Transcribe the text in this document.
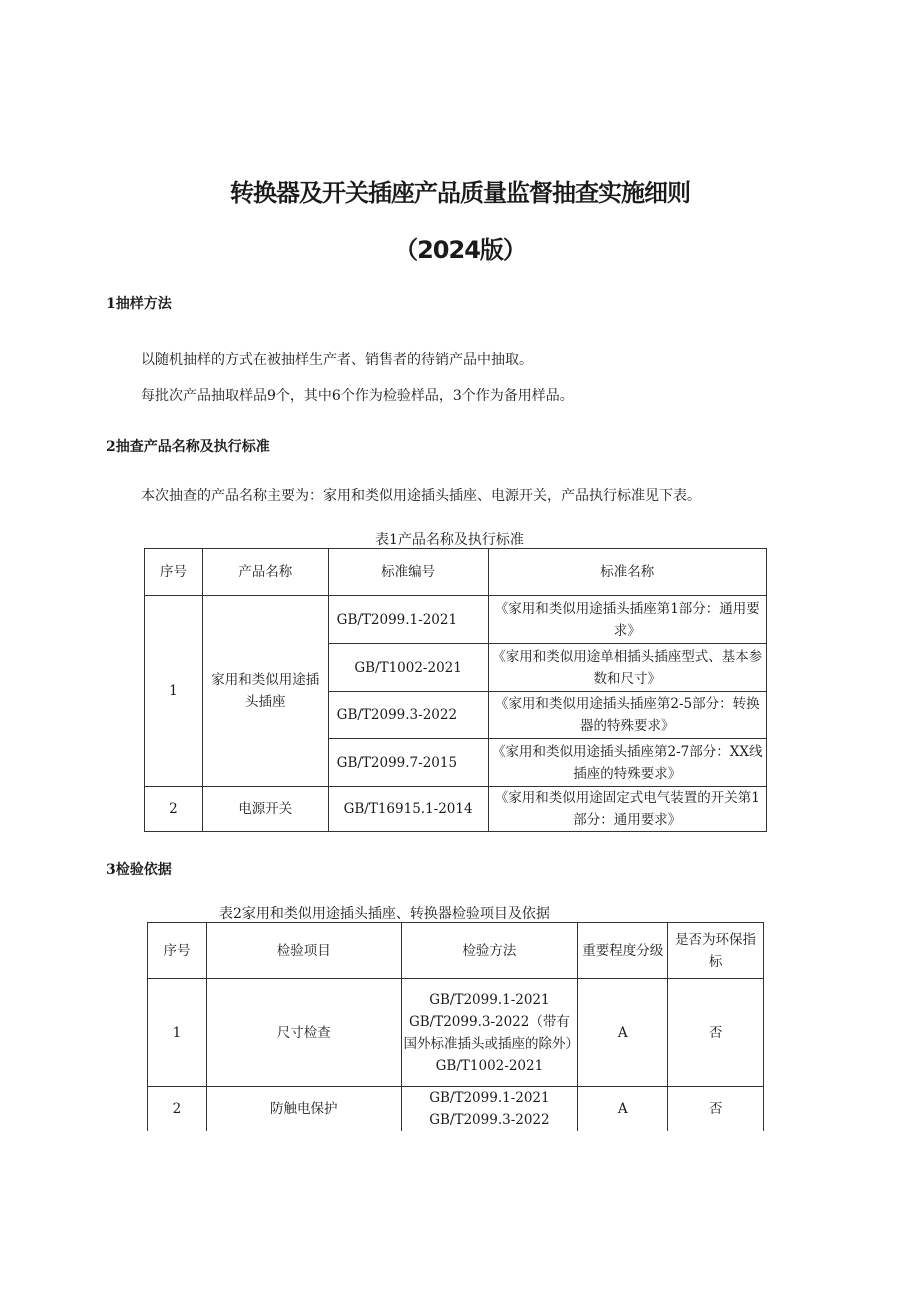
转换器及开关插座产品质量监督抽查实施细则
（2024版）
1抽样方法
以随机抽样的方式在被抽样生产者、销售者的待销产品中抽取。
每批次产品抽取样品9个，其中6个作为检验样品，3个作为备用样品。
2抽查产品名称及执行标准
本次抽查的产品名称主要为：家用和类似用途插头插座、电源开关，产品执行标准见下表。
表1产品名称及执行标准
序号	产品名称	标准编号	标准名称
1	家用和类似用途插头插座	GB/T2099.1-2021	《家用和类似用途插头插座第1部分：通用要求》
		GB/T1002-2021	《家用和类似用途单相插头插座型式、基本参数和尺寸》
		GB/T2099.3-2022	《家用和类似用途插头插座第2-5部分：转换器的特殊要求》
		GB/T2099.7-2015	《家用和类似用途插头插座第2-7部分：XX线插座的特殊要求》
2	电源开关	GB/T16915.1-2014	《家用和类似用途固定式电气装置的开关第1部分：通用要求》
3检验依据
表2家用和类似用途插头插座、转换器检验项目及依据
序号	检验项目	检验方法	重要程度分级	是否为环保指标
1	尺寸检查	GB/T2099.1-2021
GB/T2099.3-2022（带有国外标准插头或插座的除外）
GB/T1002-2021	A	否
2	防触电保护	GB/T2099.1-2021
GB/T2099.3-2022	A	否
